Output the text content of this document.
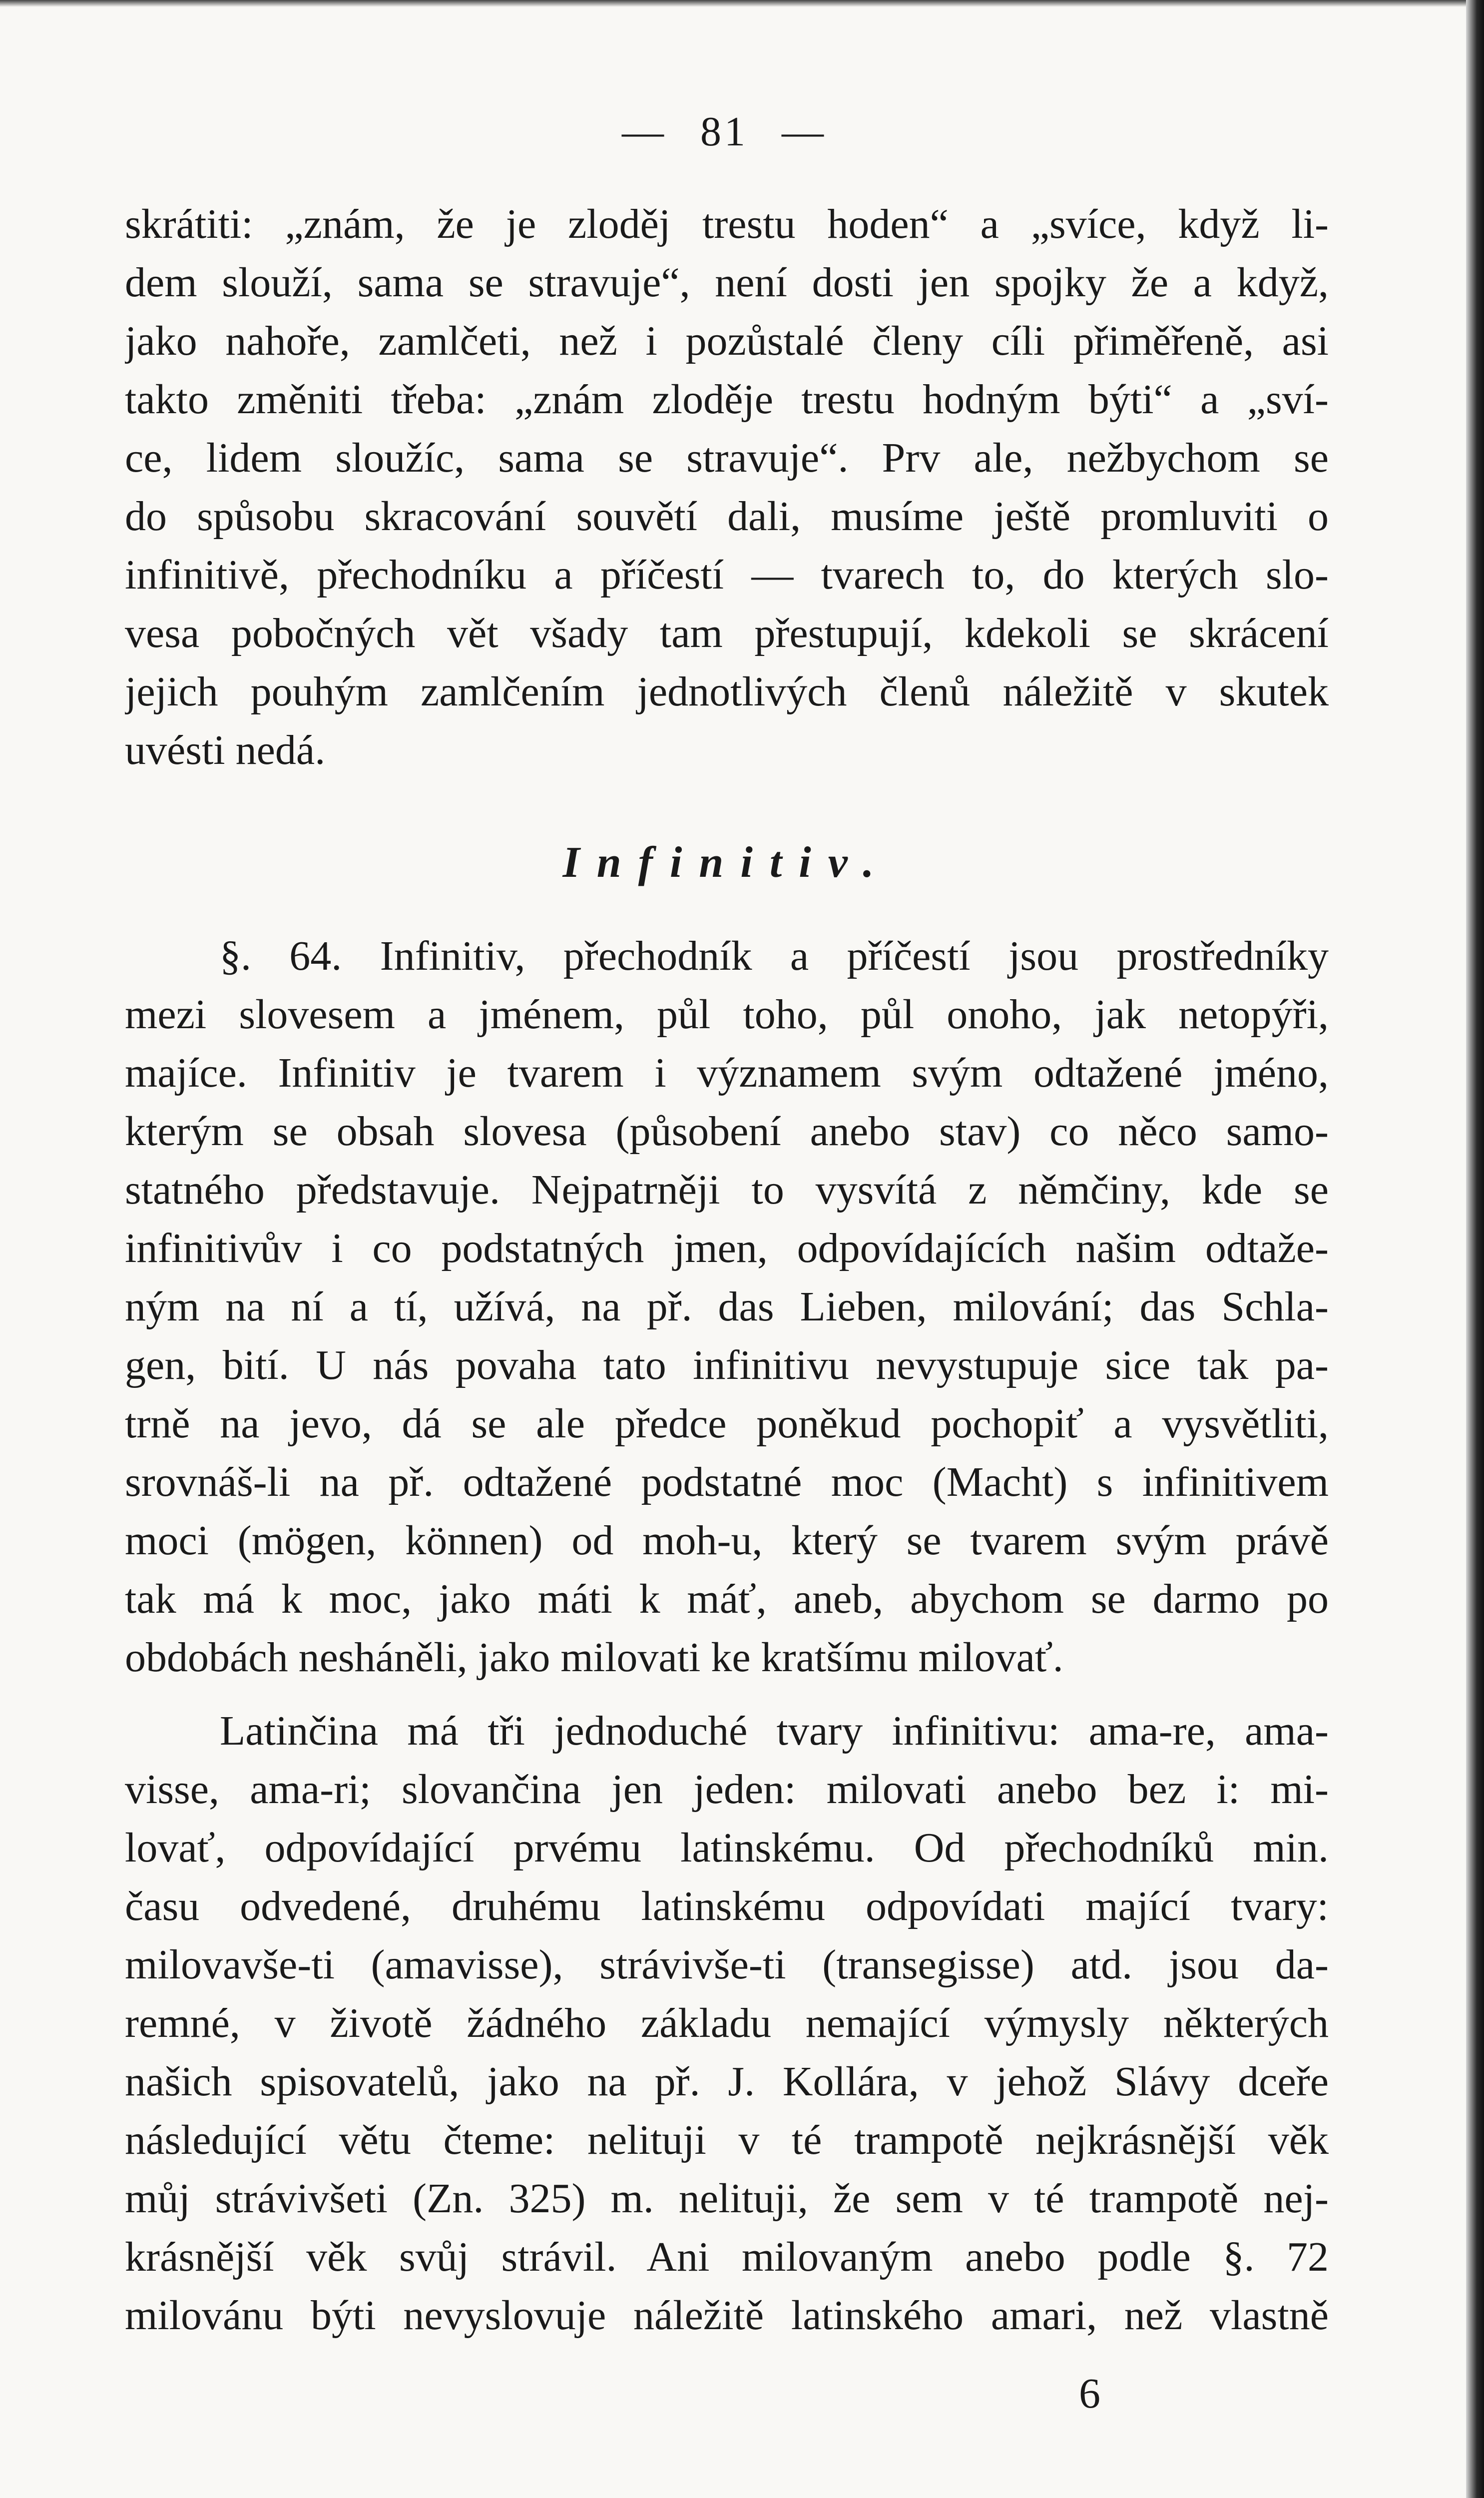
— 81 —
skrátiti: „znám, že je zloděj trestu hoden“ a „svíce, když li-
dem slouží, sama se stravuje“, není dosti jen spojky že a když,
jako nahoře, zamlčeti, než i pozůstalé členy cíli přiměřeně, asi
takto změniti třeba: „znám zloděje trestu hodným býti“ a „sví-
ce, lidem sloužíc, sama se stravuje“. Prv ale, nežbychom se
do spůsobu skracování souvětí dali, musíme ještě promluviti o
infinitivě, přechodníku a příčestí — tvarech to, do kterých slo-
vesa pobočných vět všady tam přestupují, kdekoli se skrácení
jejich pouhým zamlčením jednotlivých členů náležitě v skutek
uvésti nedá.
Infinitiv.
§. 64. Infinitiv, přechodník a příčestí jsou prostředníky
mezi slovesem a jménem, půl toho, půl onoho, jak netopýři,
majíce. Infinitiv je tvarem i významem svým odtažené jméno,
kterým se obsah slovesa (působení anebo stav) co něco samo-
statného představuje. Nejpatrněji to vysvítá z němčiny, kde se
infinitivův i co podstatných jmen, odpovídajících našim odtaže-
ným na ní a tí, užívá, na př. das Lieben, milování; das Schla-
gen, bití. U nás povaha tato infinitivu nevystupuje sice tak pa-
trně na jevo, dá se ale předce poněkud pochopiť a vysvětliti,
srovnáš-li na př. odtažené podstatné moc (Macht) s infinitivem
moci (mögen, können) od moh-u, který se tvarem svým právě
tak má k moc, jako máti k máť, aneb, abychom se darmo po
obdobách nesháněli, jako milovati ke kratšímu milovať.
Latinčina má tři jednoduché tvary infinitivu: ama-re, ama-
visse, ama-ri; slovančina jen jeden: milovati anebo bez i: mi-
lovať, odpovídající prvému latinskému. Od přechodníků min.
času odvedené, druhému latinskému odpovídati mající tvary:
milovavše-ti (amavisse), strávivše-ti (transegisse) atd. jsou da-
remné, v životě žádného základu nemající výmysly některých
našich spisovatelů, jako na př. J. Kollára, v jehož Slávy dceře
následující větu čteme: nelituji v té trampotě nejkrásnější věk
můj strávivšeti (Zn. 325) m. nelituji, že sem v té trampotě nej-
krásnější věk svůj strávil. Ani milovaným anebo podle §. 72
milovánu býti nevyslovuje náležitě latinského amari, než vlastně
6
